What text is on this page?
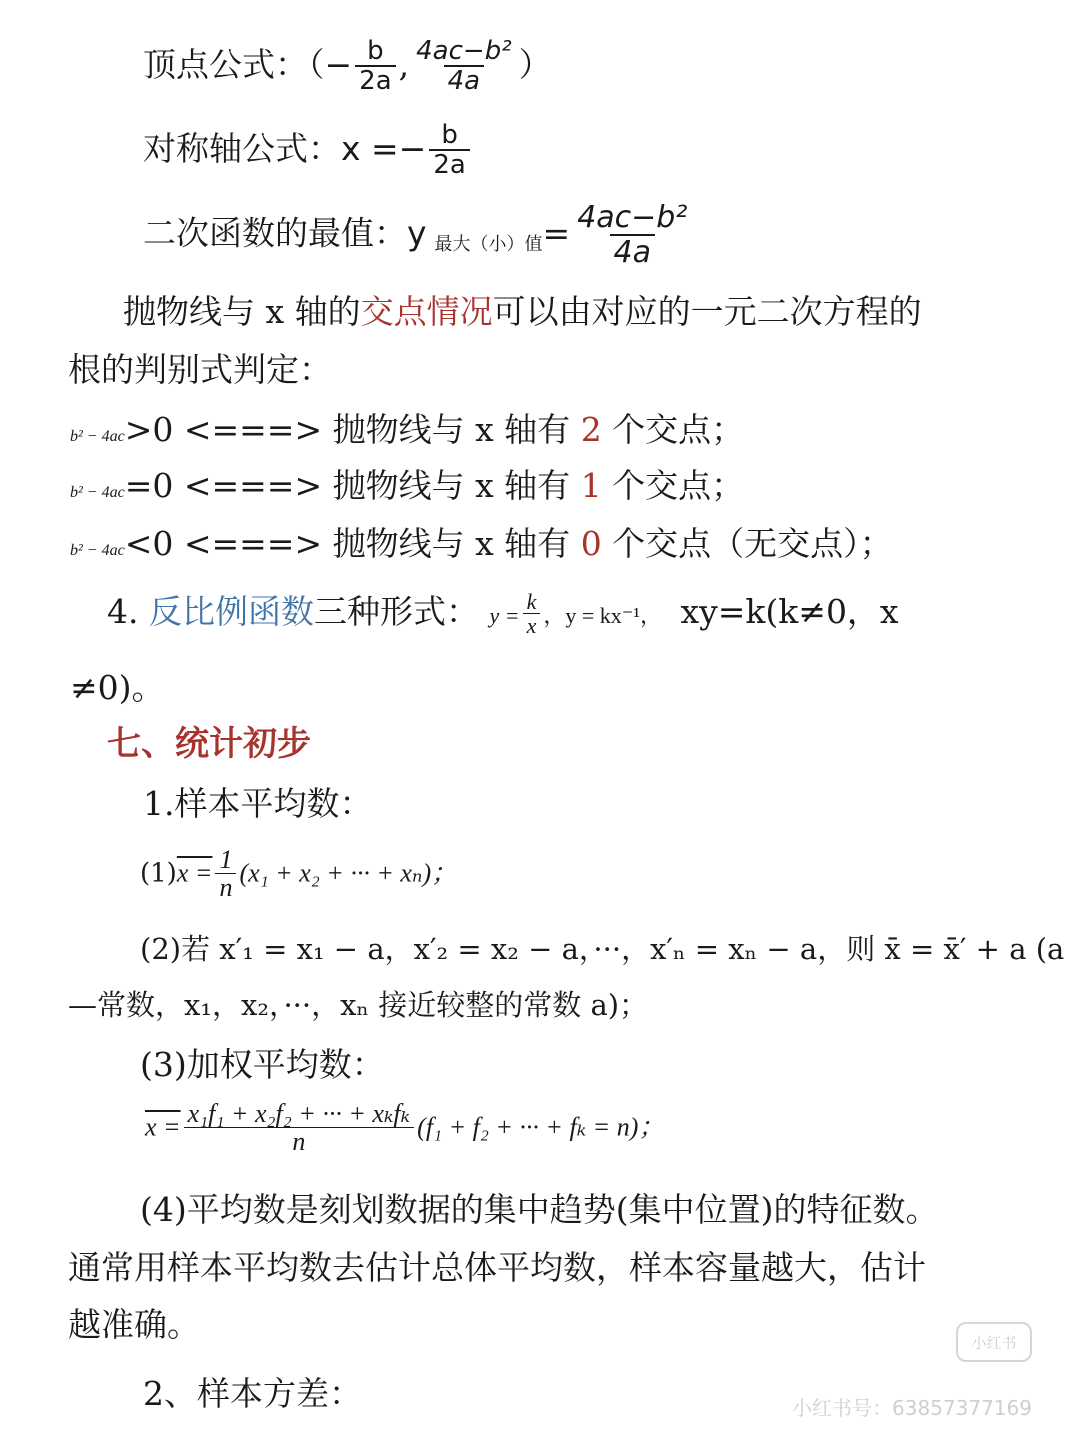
顶点公式：（− $\frac{b}{2a}$ , $\frac{\text{4ac−b²}}{4a}$ ）
对称轴公式：$x =- \frac{b}{2a}$
二次函数的最值：y 最大（小）值= $\frac{\text{4ac−b²}}{4a}$
抛物线与 x 轴的交点情况可以由对应的一元二次方程的
根的判别式判定：
b² − 4ac>0 <===> 抛物线与 x 轴有 2 个交点；
b² − 4ac=0 <===> 抛物线与 x 轴有 1 个交点；
b² − 4ac<0 <===> 抛物线与 x 轴有 0 个交点（无交点）；
4. 反比例函数三种形式： $y = \frac{k}{x}$ ，y = kx⁻¹， xy=k(k≠0，x
≠0)。
七、统计初步
1.样本平均数：
$(1)x = \frac{1}{n} (x_1 + x_2$ + ··· + xₙ)；
(2)若 x′₁ = x₁ − a，x′₂ = x₂ − a，···，x′ₙ = xₙ − a，则 x̄ = x̄′ + a (a
—常数，x₁，x₂，···，xₙ 接近较整的常数 a)；
(3)加权平均数：
$x = \frac{\text{x₁f₁ + x₂f₂ + ··· + xₖfₖ}}{n} (f_1 + f_2$ + ··· + fₖ = n)；
(4)平均数是刻划数据的集中趋势(集中位置)的特征数。
通常用样本平均数去估计总体平均数，样本容量越大，估计
越准确。
2、样本方差：
小红书
小红书号：63857377169
